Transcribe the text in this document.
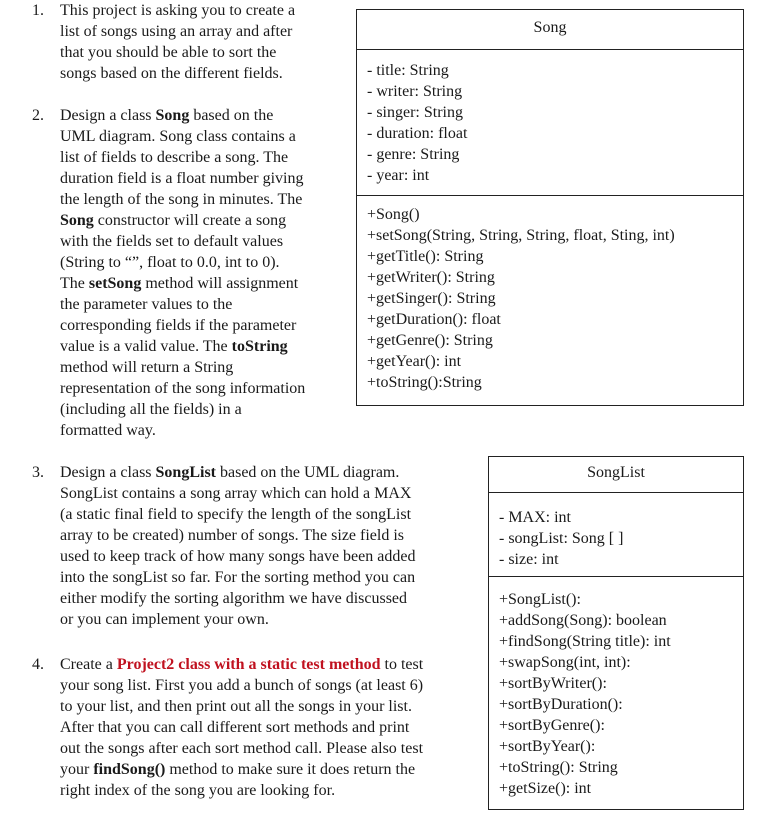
1. This project is asking you to create a
list of songs using an array and after
that you should be able to sort the
songs based on the different fields.
2. Design a class Song based on the
UML diagram. Song class contains a
list of fields to describe a song. The
duration field is a float number giving
the length of the song in minutes. The
Song constructor will create a song
with the fields set to default values
(String to “”, float to 0.0, int to 0).
The setSong method will assignment
the parameter values to the
corresponding fields if the parameter
value is a valid value. The toString
method will return a String
representation of the song information
(including all the fields) in a
formatted way.
3. Design a class SongList based on the UML diagram.
SongList contains a song array which can hold a MAX
(a static final field to specify the length of the songList
array to be created) number of songs. The size field is
used to keep track of how many songs have been added
into the songList so far. For the sorting method you can
either modify the sorting algorithm we have discussed
or you can implement your own.
4. Create a Project2 class with a static test method to test
your song list. First you add a bunch of songs (at least 6)
to your list, and then print out all the songs in your list.
After that you can call different sort methods and print
out the songs after each sort method call. Please also test
your findSong() method to make sure it does return the
right index of the song you are looking for.
Song
- title: String
- writer: String
- singer: String
- duration: float
- genre: String
- year: int
+Song()
+setSong(String, String, String, float, Sting, int)
+getTitle(): String
+getWriter(): String
+getSinger(): String
+getDuration(): float
+getGenre(): String
+getYear(): int
+toString():String
SongList
- MAX: int
- songList: Song [ ]
- size: int
+SongList():
+addSong(Song): boolean
+findSong(String title): int
+swapSong(int, int):
+sortByWriter():
+sortByDuration():
+sortByGenre():
+sortByYear():
+toString(): String
+getSize(): int
